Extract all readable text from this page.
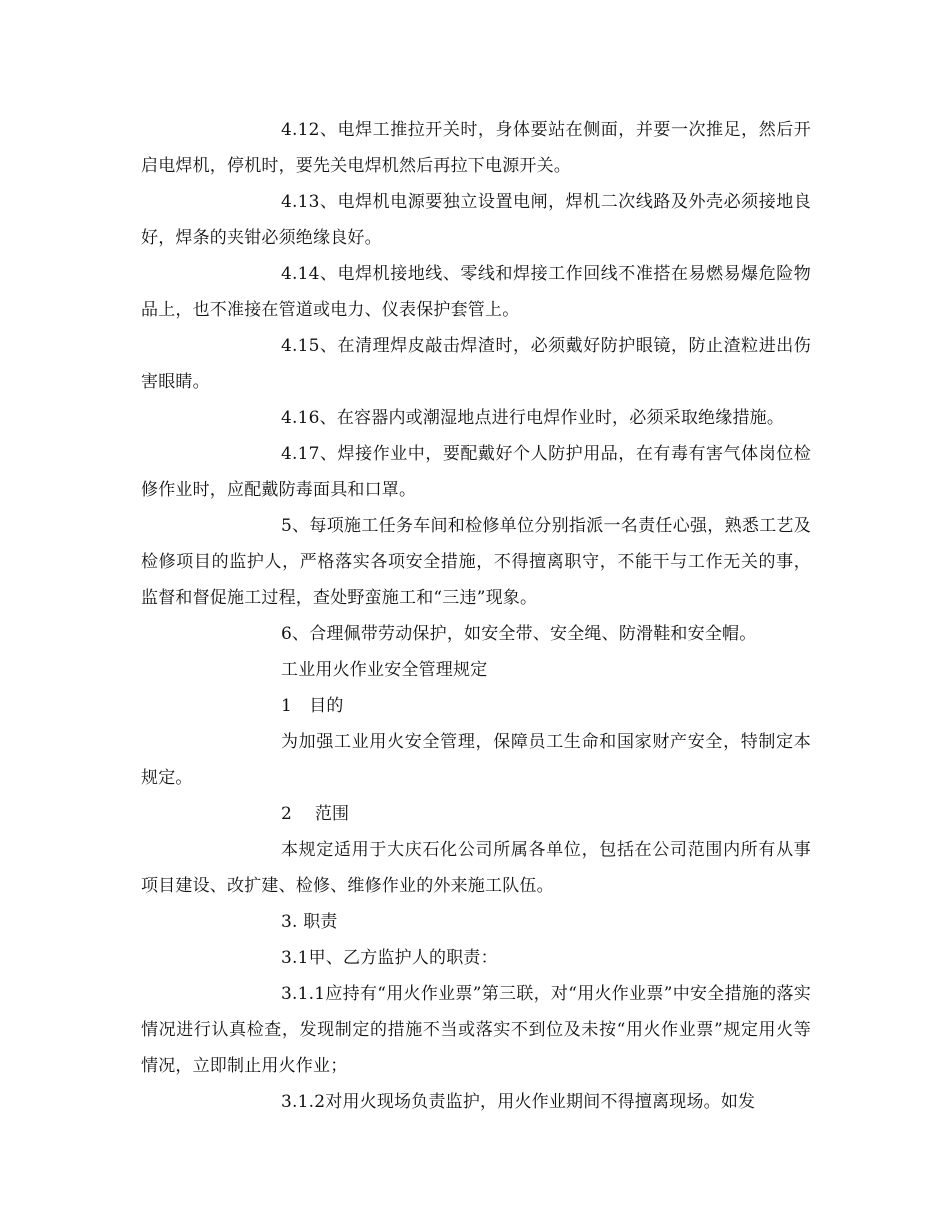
4.12、电焊工推拉开关时，身体要站在侧面，并要一次推足，然后开启电焊机，停机时，要先关电焊机然后再拉下电源开关。

4.13、电焊机电源要独立设置电闸，焊机二次线路及外壳必须接地良好，焊条的夹钳必须绝缘良好。

4.14、电焊机接地线、零线和焊接工作回线不准搭在易燃易爆危险物品上，也不准接在管道或电力、仪表保护套管上。

4.15、在清理焊皮敲击焊渣时，必须戴好防护眼镜，防止渣粒进出伤害眼睛。

4.16、在容器内或潮湿地点进行电焊作业时，必须采取绝缘措施。

4.17、焊接作业中，要配戴好个人防护用品，在有毒有害气体岗位检修作业时，应配戴防毒面具和口罩。

5、每项施工任务车间和检修单位分别指派一名责任心强，熟悉工艺及检修项目的监护人，严格落实各项安全措施，不得擅离职守，不能干与工作无关的事，监督和督促施工过程，查处野蛮施工和“三违”现象。

6、合理佩带劳动保护，如安全带、安全绳、防滑鞋和安全帽。

工业用火作业安全管理规定

1　目的

为加强工业用火安全管理，保障员工生命和国家财产安全，特制定本规定。

2　 范围

本规定适用于大庆石化公司所属各单位，包括在公司范围内所有从事项目建设、改扩建、检修、维修作业的外来施工队伍。

3. 职责

3.1甲、乙方监护人的职责：

3.1.1应持有“用火作业票”第三联，对“用火作业票”中安全措施的落实情况进行认真检查，发现制定的措施不当或落实不到位及未按“用火作业票”规定用火等情况，立即制止用火作业；

3.1.2对用火现场负责监护，用火作业期间不得擅离现场。如发
